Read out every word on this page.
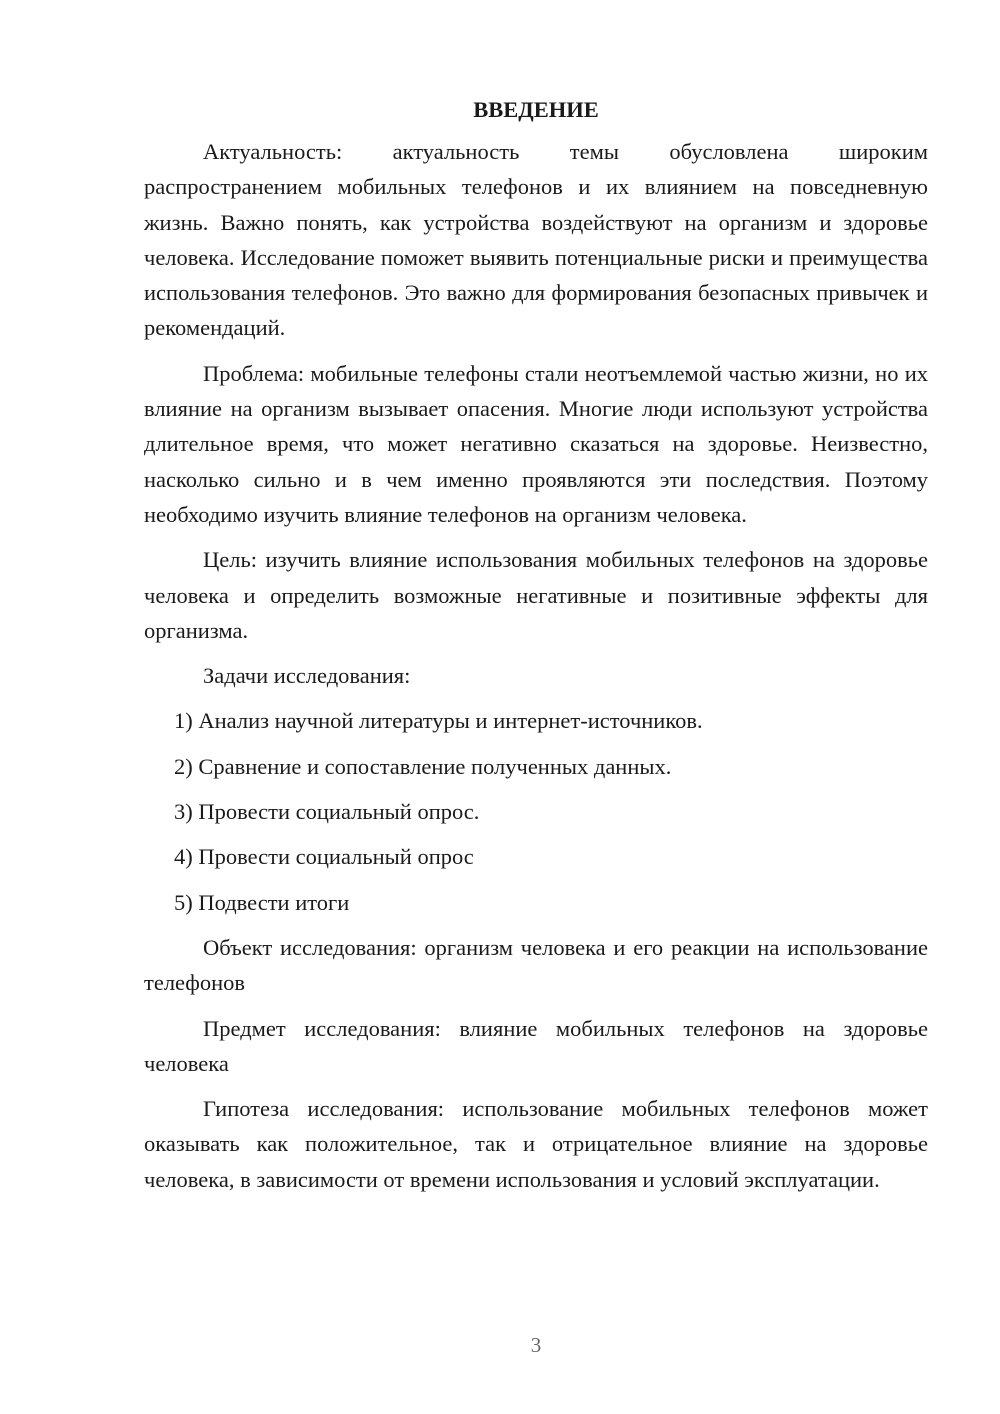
ВВЕДЕНИЕ

Актуальность: актуальность темы обусловлена широким распространением мобильных телефонов и их влиянием на повседневную жизнь. Важно понять, как устройства воздействуют на организм и здоровье человека. Исследование поможет выявить потенциальные риски и преимущества использования телефонов. Это важно для формирования безопасных привычек и рекомендаций.

Проблема: мобильные телефоны стали неотъемлемой частью жизни, но их влияние на организм вызывает опасения. Многие люди используют устройства длительное время, что может негативно сказаться на здоровье. Неизвестно, насколько сильно и в чем именно проявляются эти последствия. Поэтому необходимо изучить влияние телефонов на организм человека.

Цель: изучить влияние использования мобильных телефонов на здоровье человека и определить возможные негативные и позитивные эффекты для организма.

Задачи исследования:

1) Анализ научной литературы и интернет-источников.

2) Сравнение и сопоставление полученных данных.

3) Провести социальный опрос.

4) Провести социальный опрос

5) Подвести итоги

Объект исследования: организм человека и его реакции на использование телефонов

Предмет исследования: влияние мобильных телефонов на здоровье человека

Гипотеза исследования: использование мобильных телефонов может оказывать как положительное, так и отрицательное влияние на здоровье человека, в зависимости от времени использования и условий эксплуатации.

3
